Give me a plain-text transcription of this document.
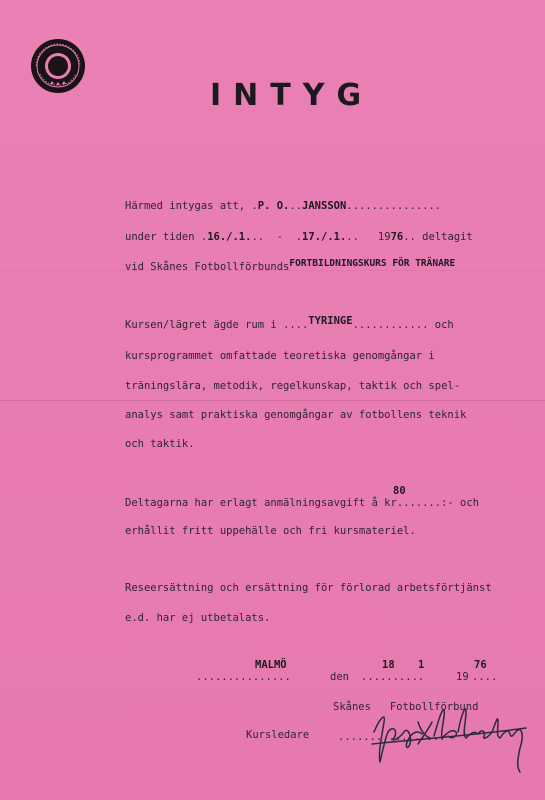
INTYG
Härmed intygas att, .P. O...JANSSON...............
under tiden .16./.1...  -  .17./.1...   1976.. deltagit
vid Skånes FotbollförbundsFORTBILDNINGSKURS FÖR TRÄNARE
Kursen/lägret ägde rum i ....TYRINGE............ och
kursprogrammet omfattade teoretiska genomgångar i
träningslära, metodik, regelkunskap, taktik och spel-
analys samt praktiska genomgångar av fotbollens teknik
och taktik.
80
Deltagarna har erlagt anmälningsavgift å kr.......:- och
erhållit fritt uppehälle och fri kursmateriel.
Reseersättning och ersättning för förlorad arbetsförtjänst
e.d. har ej utbetalats.
MALMÖ
...............	den
18 1
..........	19
76
....
Skånes   Fotbollförbund
Kursledare	.................
